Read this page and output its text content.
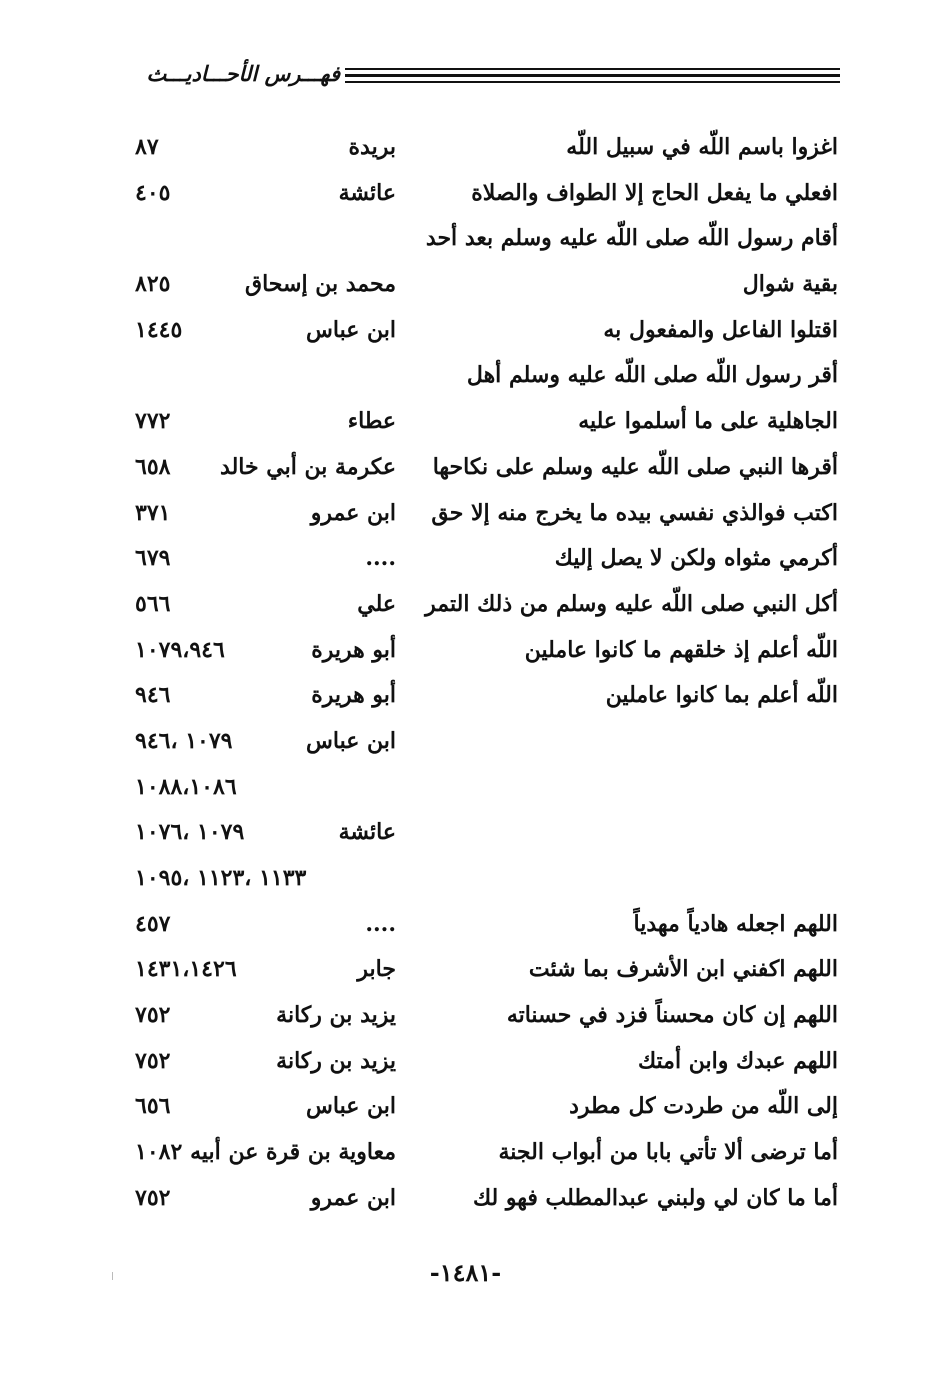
فهـــرس الأحـــاديـــث
اغزوا باسم اللّه في سبيل اللّه
بريدة
٨٧
افعلي ما يفعل الحاج إلا الطواف والصلاة
عائشة
٤٠٥
أقام رسول اللّه صلى اللّه عليه وسلم بعد أحد
بقية شوال
محمد بن إسحاق
٨٢٥
اقتلوا الفاعل والمفعول به
ابن عباس
١٤٤٥
أقر رسول اللّه صلى اللّه عليه وسلم أهل
الجاهلية على ما أسلموا عليه
عطاء
٧٧٢
أقرها النبي صلى اللّه عليه وسلم على نكاحها
عكرمة بن أبي خالد
٦٥٨
اكتب فوالذي نفسي بيده ما يخرج منه إلا حق
ابن عمرو
٣٧١
أكرمي مثواه ولكن لا يصل إليك
....
٦٧٩
أكل النبي صلى اللّه عليه وسلم من ذلك التمر
علي
٥٦٦
اللّه أعلم إذ خلقهم ما كانوا عاملين
أبو هريرة
١٠٧٩،٩٤٦
اللّه أعلم بما كانوا عاملين
أبو هريرة
٩٤٦
ابن عباس
١٠٧٩ ،٩٤٦
١٠٨٨،١٠٨٦
عائشة
١٠٧٩ ،١٠٧٦
١١٣٣ ،١١٢٣ ،١٠٩٥
اللهم اجعله هادياً مهدياً
....
٤٥٧
اللهم اكفني ابن الأشرف بما شئت
جابر
١٤٣١،١٤٢٦
اللهم إن كان محسناً فزد في حسناته
يزيد بن ركانة
٧٥٢
اللهم عبدك وابن أمتك
يزيد بن ركانة
٧٥٢
إلى اللّه من طردت كل مطرد
ابن عباس
٦٥٦
أما ترضى ألا تأتي بابا من أبواب الجنة
معاوية بن قرة عن أبيه
١٠٨٢
أما ما كان لي ولبني عبدالمطلب فهو لك
ابن عمرو
٧٥٢
-١٤٨١-
